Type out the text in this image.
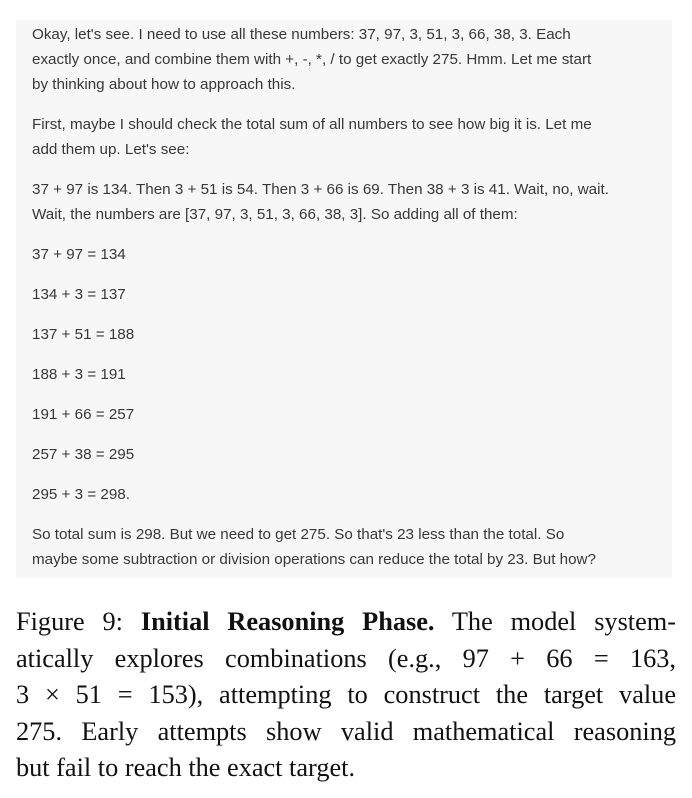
Okay, let's see. I need to use all these numbers: 37, 97, 3, 51, 3, 66, 38, 3. Each
exactly once, and combine them with +, -, *, / to get exactly 275. Hmm. Let me start
by thinking about how to approach this.

First, maybe I should check the total sum of all numbers to see how big it is. Let me
add them up. Let's see:

37 + 97 is 134. Then 3 + 51 is 54. Then 3 + 66 is 69. Then 38 + 3 is 41. Wait, no, wait.
Wait, the numbers are [37, 97, 3, 51, 3, 66, 38, 3]. So adding all of them:

37 + 97 = 134

134 + 3 = 137

137 + 51 = 188

188 + 3 = 191

191 + 66 = 257

257 + 38 = 295

295 + 3 = 298.

So total sum is 298. But we need to get 275. So that's 23 less than the total. So
maybe some subtraction or division operations can reduce the total by 23. But how?

Figure 9: Initial Reasoning Phase. The model system-
atically explores combinations (e.g., 97 + 66 = 163,
3 × 51 = 153), attempting to construct the target value
275. Early attempts show valid mathematical reasoning
but fail to reach the exact target.
